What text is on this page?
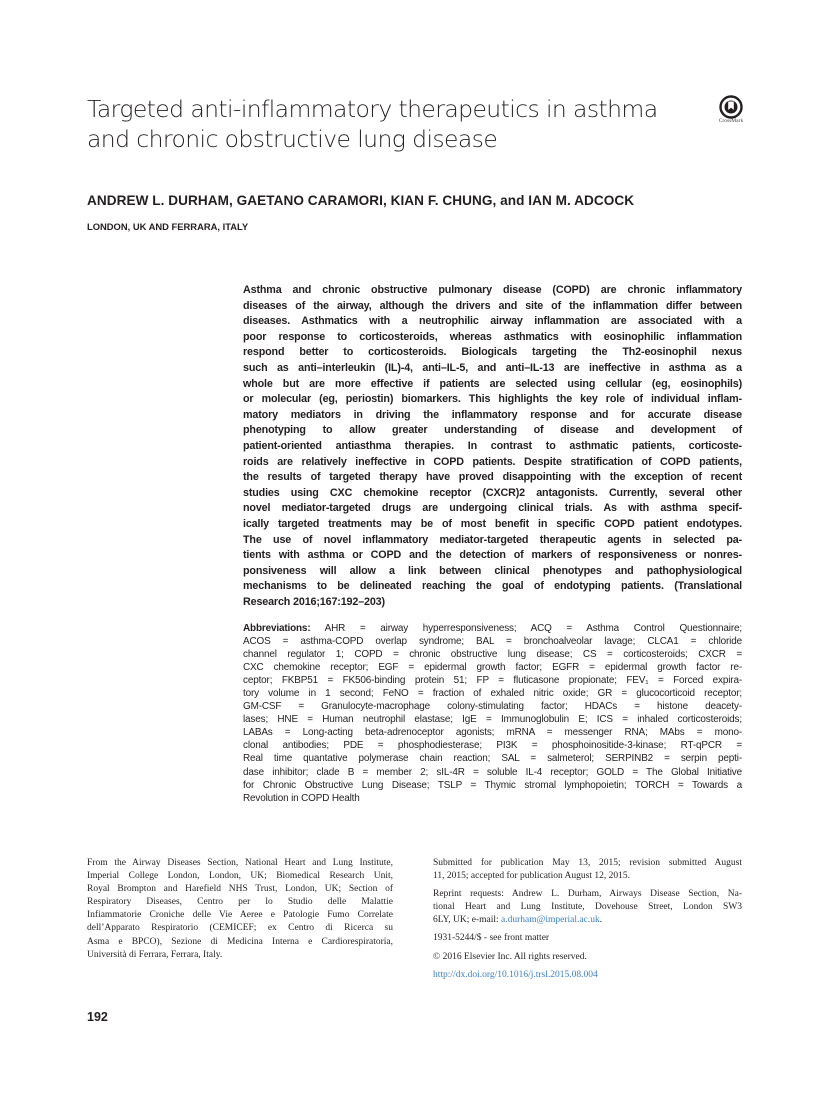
Targeted anti-inflammatory therapeutics in asthma
and chronic obstructive lung disease
CrossMark
ANDREW L. DURHAM, GAETANO CARAMORI, KIAN F. CHUNG, and IAN M. ADCOCK
LONDON, UK AND FERRARA, ITALY

Asthma and chronic obstructive pulmonary disease (COPD) are chronic inflammatory
diseases of the airway, although the drivers and site of the inflammation differ between
diseases. Asthmatics with a neutrophilic airway inflammation are associated with a
poor response to corticosteroids, whereas asthmatics with eosinophilic inflammation
respond better to corticosteroids. Biologicals targeting the Th2-eosinophil nexus
such as anti–interleukin (IL)-4, anti–IL-5, and anti–IL-13 are ineffective in asthma as a
whole but are more effective if patients are selected using cellular (eg, eosinophils)
or molecular (eg, periostin) biomarkers. This highlights the key role of individual inflam-
matory mediators in driving the inflammatory response and for accurate disease
phenotyping to allow greater understanding of disease and development of
patient-oriented antiasthma therapies. In contrast to asthmatic patients, corticoste-
roids are relatively ineffective in COPD patients. Despite stratification of COPD patients,
the results of targeted therapy have proved disappointing with the exception of recent
studies using CXC chemokine receptor (CXCR)2 antagonists. Currently, several other
novel mediator-targeted drugs are undergoing clinical trials. As with asthma specif-
ically targeted treatments may be of most benefit in specific COPD patient endotypes.
The use of novel inflammatory mediator-targeted therapeutic agents in selected pa-
tients with asthma or COPD and the detection of markers of responsiveness or nonres-
ponsiveness will allow a link between clinical phenotypes and pathophysiological
mechanisms to be delineated reaching the goal of endotyping patients. (Translational
Research 2016;167:192–203)

Abbreviations: AHR = airway hyperresponsiveness; ACQ = Asthma Control Questionnaire;
ACOS = asthma-COPD overlap syndrome; BAL = bronchoalveolar lavage; CLCA1 = chloride
channel regulator 1; COPD = chronic obstructive lung disease; CS = corticosteroids; CXCR =
CXC chemokine receptor; EGF = epidermal growth factor; EGFR = epidermal growth factor re-
ceptor; FKBP51 = FK506-binding protein 51; FP = fluticasone propionate; FEV₁ = Forced expira-
tory volume in 1 second; FeNO = fraction of exhaled nitric oxide; GR = glucocorticoid receptor;
GM-CSF = Granulocyte-macrophage colony-stimulating factor; HDACs = histone deacety-
lases; HNE = Human neutrophil elastase; IgE = Immunoglobulin E; ICS = inhaled corticosteroids;
LABAs = Long-acting beta-adrenoceptor agonists; mRNA = messenger RNA; MAbs = mono-
clonal antibodies; PDE = phosphodiesterase; PI3K = phosphoinositide-3-kinase; RT-qPCR =
Real time quantative polymerase chain reaction; SAL = salmeterol; SERPINB2 = serpin pepti-
dase inhibitor; clade B = member 2; sIL-4R = soluble IL-4 receptor; GOLD = The Global Initiative
for Chronic Obstructive Lung Disease; TSLP = Thymic stromal lymphopoietin; TORCH = Towards a
Revolution in COPD Health

From the Airway Diseases Section, National Heart and Lung Institute,
Imperial College London, London, UK; Biomedical Research Unit,
Royal Brompton and Harefield NHS Trust, London, UK; Section of
Respiratory Diseases, Centro per lo Studio delle Malattie
Infiammatorie Croniche delle Vie Aeree e Patologie Fumo Correlate
dell’Apparato Respiratorio (CEMICEF; ex Centro di Ricerca su
Asma e BPCO), Sezione di Medicina Interna e Cardiorespiratoria,
Università di Ferrara, Ferrara, Italy.

Submitted for publication May 13, 2015; revision submitted August
11, 2015; accepted for publication August 12, 2015.
Reprint requests: Andrew L. Durham, Airways Disease Section, Na-
tional Heart and Lung Institute, Dovehouse Street, London SW3
6LY, UK; e-mail: a.durham@imperial.ac.uk.
1931-5244/$ - see front matter
© 2016 Elsevier Inc. All rights reserved.
http://dx.doi.org/10.1016/j.trsl.2015.08.004
192
